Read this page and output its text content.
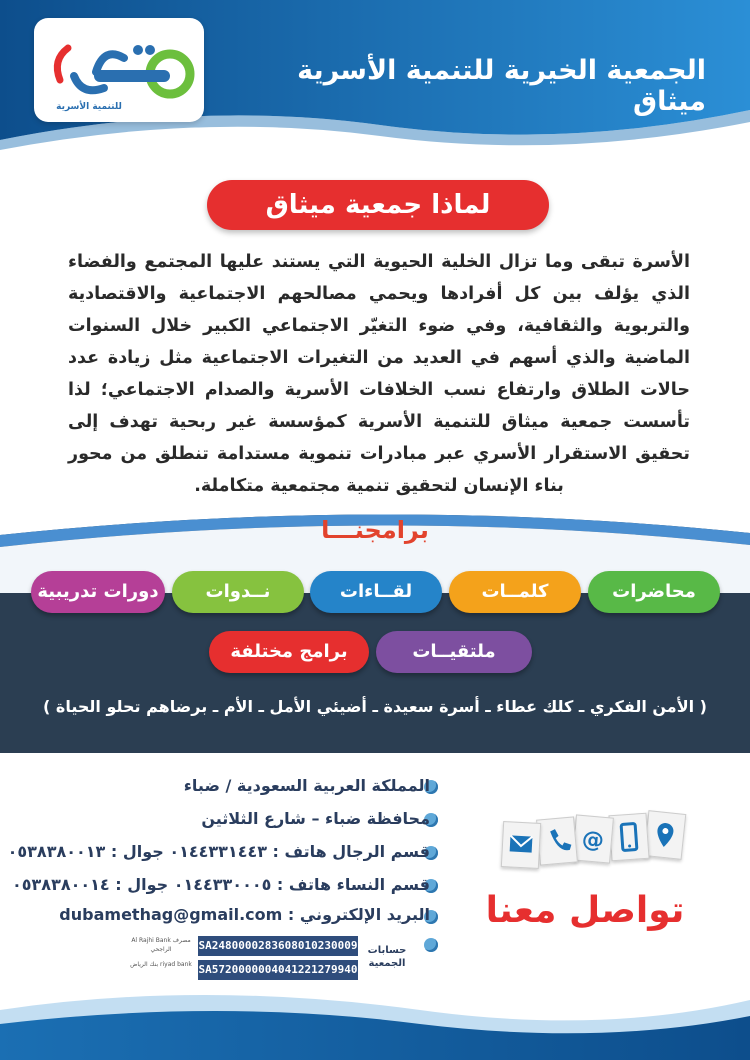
للتنمية الأسرية
الجمعية الخيرية للتنمية الأسرية ميثاق
لماذا جمعية ميثاق
الأسرة تبقى وما تزال الخلية الحيوية التي يستند عليها المجتمع والفضاء الذي يؤلف بين كل أفرادها ويحمي مصالحهم الاجتماعية والاقتصادية والتربوية والثقافية، وفي ضوء التغيّر الاجتماعي الكبير خلال السنوات الماضية والذي أسهم في العديد من التغيرات الاجتماعية مثل زيادة عدد حالات الطلاق وارتفاع نسب الخلافات الأسرية والصدام الاجتماعي؛ لذا تأسست جمعية ميثاق للتنمية الأسرية كمؤسسة غير ربحية تهدف إلى تحقيق الاستقرار الأسري عبر مبادرات تنموية مستدامة تنطلق من محور بناء الإنسان لتحقيق تنمية مجتمعية متكاملة.
برامجنـــا
محاضرات
كلمــات
لقــاءات
نــدوات
دورات تدريبية
ملتقيــات
برامج مختلفة
( الأمن الفكري ـ كلك عطاء ـ أسرة سعيدة ـ أضيئي الأمل ـ الأم ـ برضاهم تحلو الحياة )
المملكة العربية السعودية / ضباء
محافظة ضباء – شارع الثلاثين
قسم الرجال هاتف : ٠١٤٤٣٣١٤٤٣ جوال : ٠٥٣٨٣٨٠٠١٣
قسم النساء هاتف : ٠١٤٤٣٣٠٠٠٥ جوال : ٠٥٣٨٣٨٠٠١٤
البريد الإلكتروني : dubamethag@gmail.com
حسابات الجمعية
Al Rajhi Bank مصرف الراجحي	SA2480000283608010230009
بنك الرياض riyad bank SA5720000004041221279940
@
تواصل معنا
